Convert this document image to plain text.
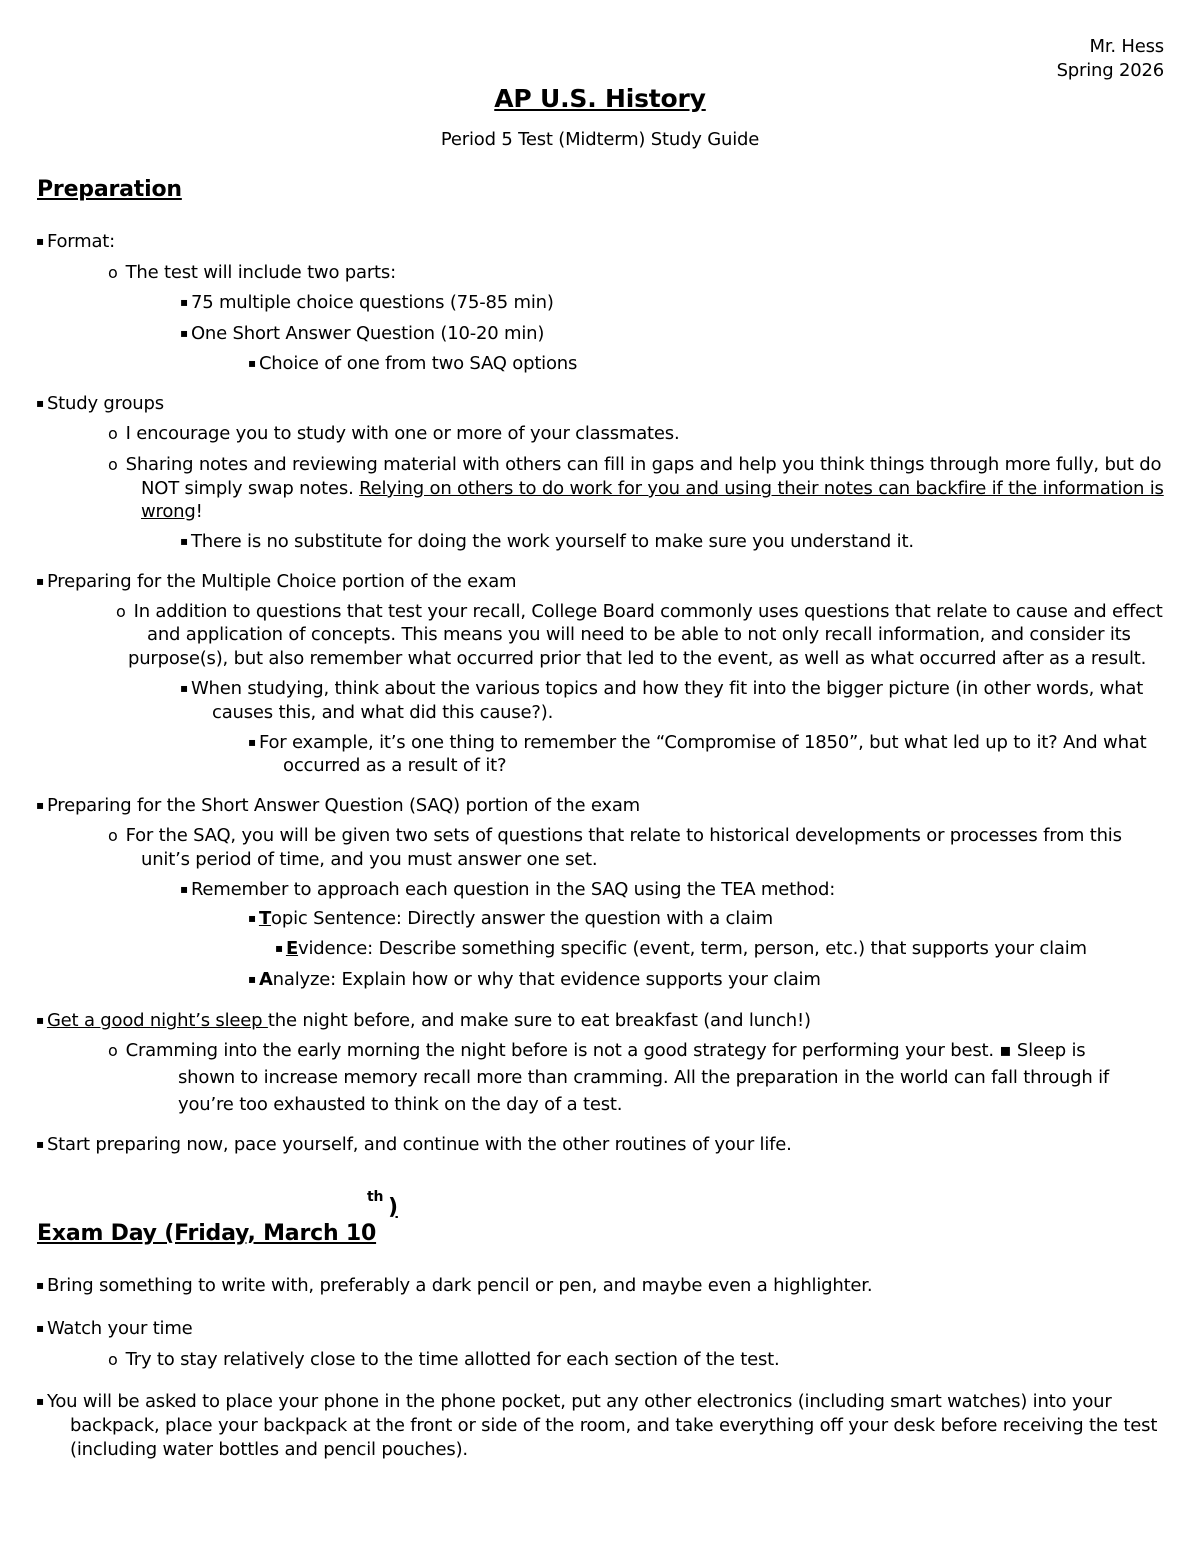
Mr. Hess
Spring 2026
AP U.S. History
Period 5 Test (Midterm) Study Guide
Preparation
▪ Format:
o The test will include two parts:
▪ 75 multiple choice questions (75-85 min)
▪ One Short Answer Question (10-20 min)
▪ Choice of one from two SAQ options
▪ Study groups
o I encourage you to study with one or more of your classmates.
o Sharing notes and reviewing material with others can fill in gaps and help you think things through more fully, but do
NOT simply swap notes. Relying on others to do work for you and using their notes can backfire if the information is
wrong!
▪ There is no substitute for doing the work yourself to make sure you understand it.
▪ Preparing for the Multiple Choice portion of the exam
o In addition to questions that test your recall, College Board commonly uses questions that relate to cause and effect
and application of concepts. This means you will need to be able to not only recall information, and consider its
purpose(s), but also remember what occurred prior that led to the event, as well as what occurred after as a result.
▪ When studying, think about the various topics and how they fit into the bigger picture (in other words, what
causes this, and what did this cause?).
▪ For example, it’s one thing to remember the “Compromise of 1850”, but what led up to it? And what
occurred as a result of it?
▪ Preparing for the Short Answer Question (SAQ) portion of the exam
o For the SAQ, you will be given two sets of questions that relate to historical developments or processes from this
unit’s period of time, and you must answer one set.
▪ Remember to approach each question in the SAQ using the TEA method:
▪ Topic Sentence: Directly answer the question with a claim
▪ Evidence: Describe something specific (event, term, person, etc.) that supports your claim
▪ Analyze: Explain how or why that evidence supports your claim
▪ Get a good night’s sleep the night before, and make sure to eat breakfast (and lunch!)
o Cramming into the early morning the night before is not a good strategy for performing your best. ▪ Sleep is
shown to increase memory recall more than cramming. All the preparation in the world can fall through if
you’re too exhausted to think on the day of a test.
▪ Start preparing now, pace yourself, and continue with the other routines of your life.
th )
Exam Day (Friday, March 10
▪ Bring something to write with, preferably a dark pencil or pen, and maybe even a highlighter.
▪ Watch your time
o Try to stay relatively close to the time allotted for each section of the test.
▪ You will be asked to place your phone in the phone pocket, put any other electronics (including smart watches) into your
backpack, place your backpack at the front or side of the room, and take everything off your desk before receiving the test
(including water bottles and pencil pouches).
